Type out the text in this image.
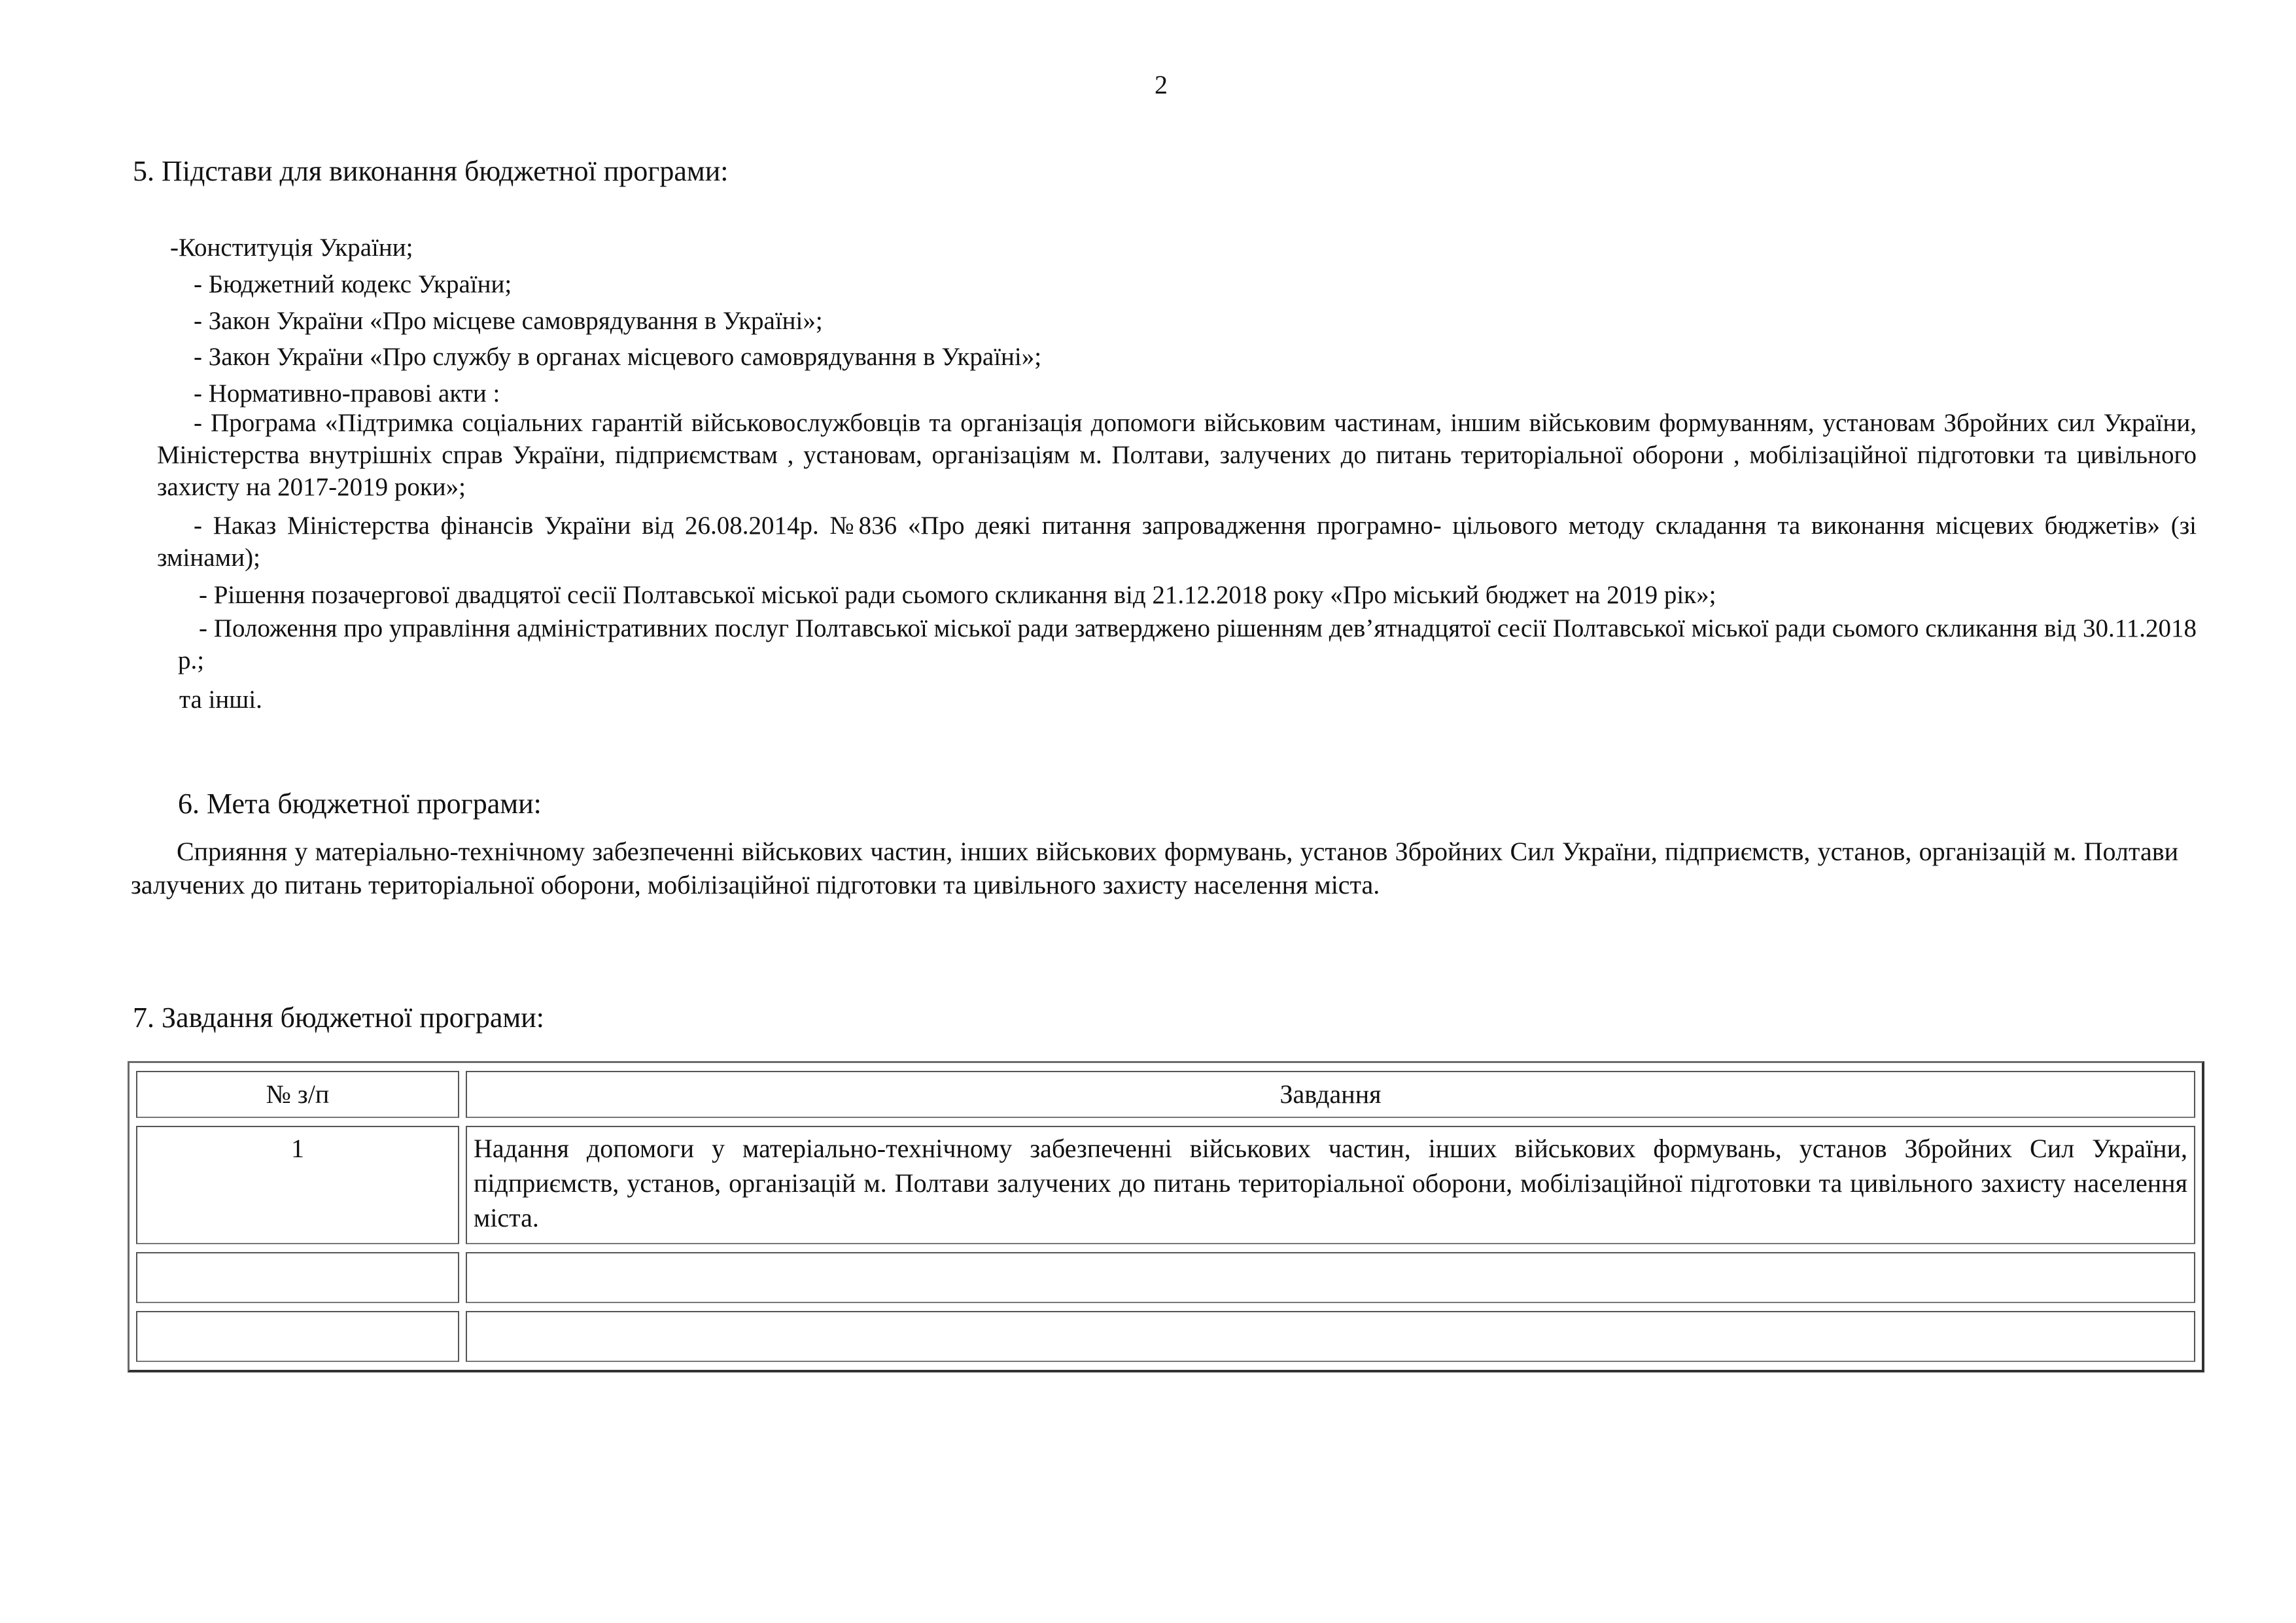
2
5. Підстави для виконання бюджетної програми:
-Конституція України;
- Бюджетний кодекс України;
- Закон України «Про місцеве самоврядування в Україні»;
- Закон України «Про службу в органах місцевого самоврядування в Україні»;
- Нормативно-правові акти :
- Програма «Підтримка соціальних гарантій військовослужбовців та організація допомоги військовим частинам, іншим військовим формуванням, установам Збройних сил України, Міністерства внутрішніх справ України, підприємствам , установам, організаціям м. Полтави, залучених до питань територіальної оборони , мобілізаційної підготовки та цивільного захисту на 2017-2019 роки»;
- Наказ Міністерства фінансів України від 26.08.2014р. №836 «Про деякі питання запровадження програмно- цільового методу складання та виконання місцевих бюджетів» (зі змінами);
- Рішення позачергової двадцятої сесії Полтавської міської ради сьомого скликання від 21.12.2018 року «Про міський бюджет на 2019 рік»;
- Положення про управління адміністративних послуг Полтавської міської ради затверджено рішенням дев’ятнадцятої сесії Полтавської міської ради сьомого скликання від 30.11.2018 р.;
та інші.
6. Мета бюджетної програми:
Сприяння у матеріально-технічному забезпеченні військових частин, інших військових формувань, установ Збройних Сил України, підприємств, установ, організацій м. Полтави залучених до питань територіальної оборони, мобілізаційної підготовки та цивільного захисту населення міста.
7. Завдання бюджетної програми:
№ з/п	Завдання

1	Надання допомоги у матеріально-технічному забезпеченні військових частин, інших військових формувань, установ Збройних Сил України, підприємств, установ, організацій м. Полтави залучених до питань територіальної оборони, мобілізаційної підготовки та цивільного захисту населення міста.
